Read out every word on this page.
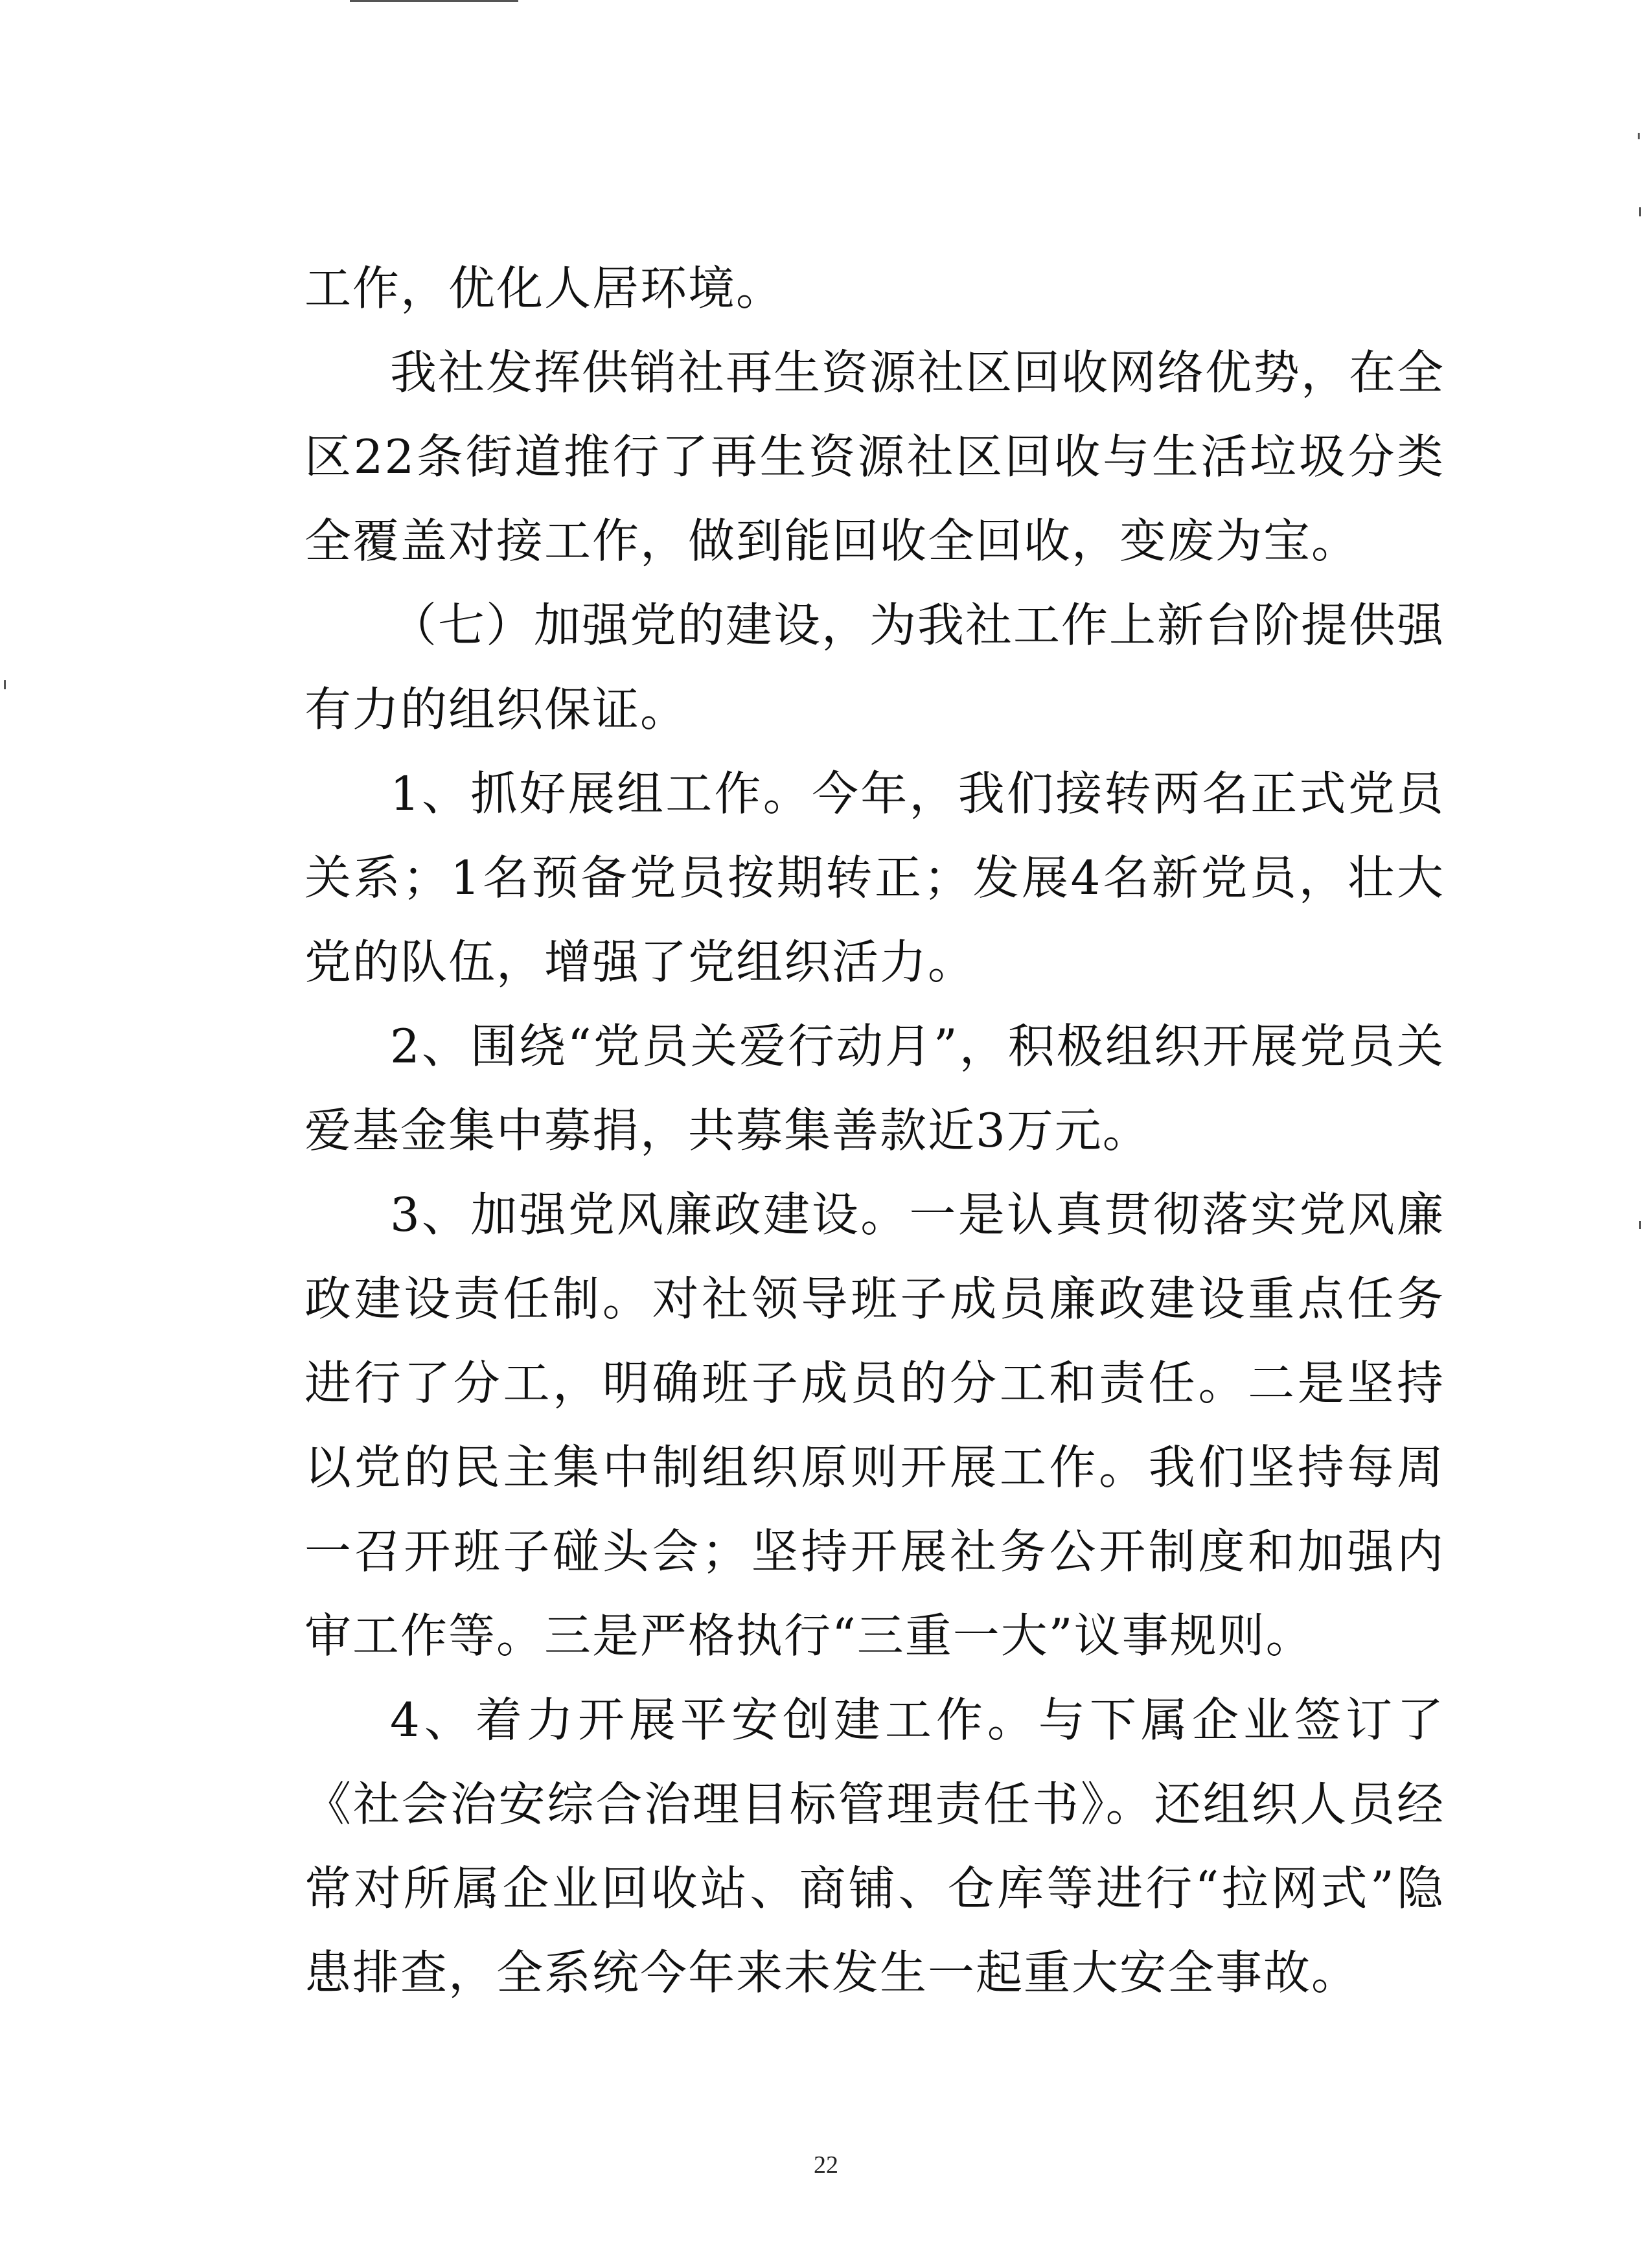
工作，优化人居环境。

我社发挥供销社再生资源社区回收网络优势，在全区22条街道推行了再生资源社区回收与生活垃圾分类全覆盖对接工作，做到能回收全回收，变废为宝。

（七）加强党的建设，为我社工作上新台阶提供强有力的组织保证。

1、抓好展组工作。今年，我们接转两名正式党员关系；1名预备党员按期转正；发展4名新党员，壮大党的队伍，增强了党组织活力。

2、围绕“党员关爱行动月”，积极组织开展党员关爱基金集中募捐，共募集善款近3万元。

3、加强党风廉政建设。一是认真贯彻落实党风廉政建设责任制。对社领导班子成员廉政建设重点任务进行了分工，明确班子成员的分工和责任。二是坚持以党的民主集中制组织原则开展工作。我们坚持每周一召开班子碰头会；坚持开展社务公开制度和加强内审工作等。三是严格执行“三重一大”议事规则。

4、着力开展平安创建工作。与下属企业签订了《社会治安综合治理目标管理责任书》。还组织人员经常对所属企业回收站、商铺、仓库等进行“拉网式”隐患排查，全系统今年来未发生一起重大安全事故。

22
